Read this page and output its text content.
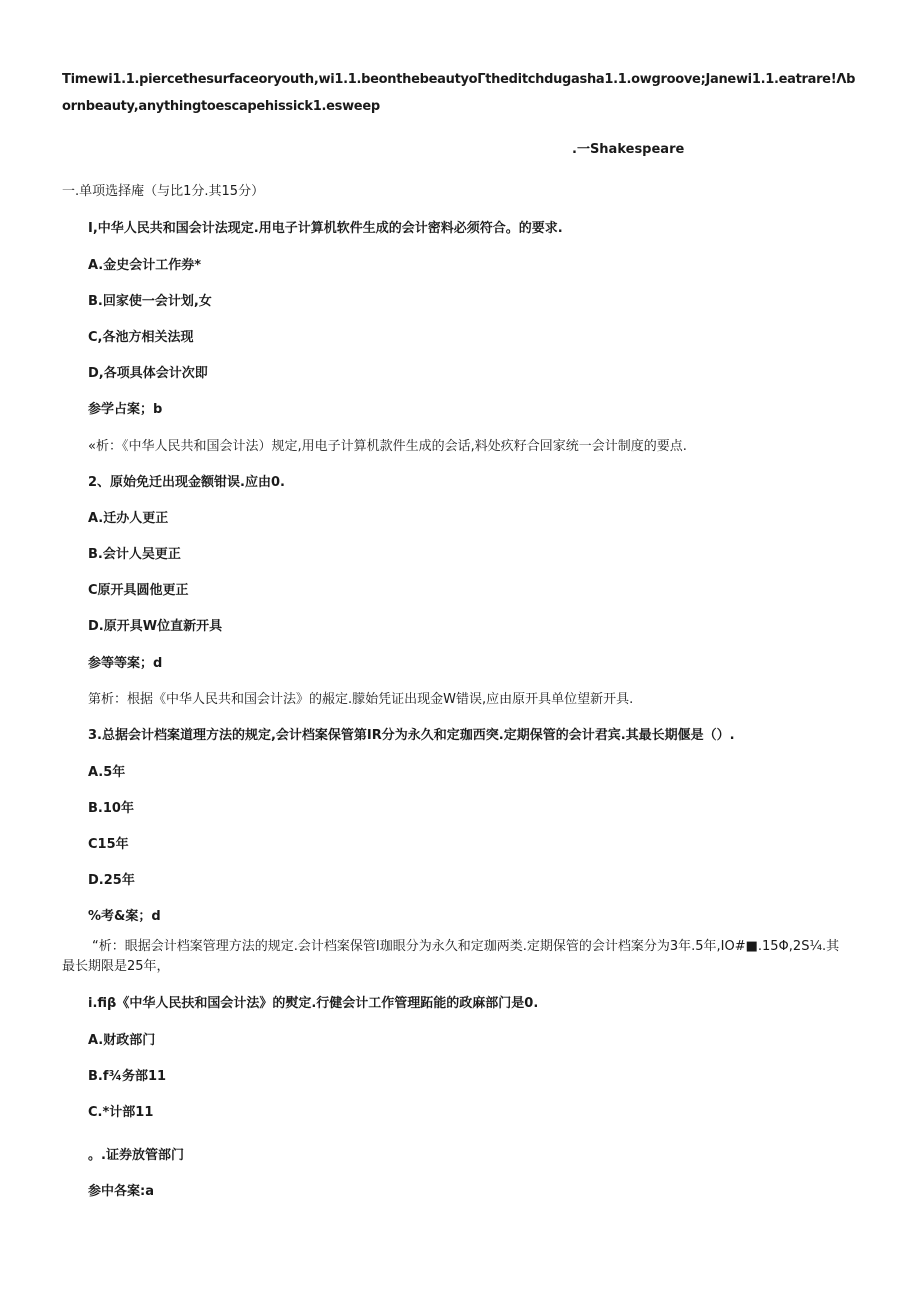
Timewi1.1.piercethesurfaceoryouth,wi1.1.beonthebeautyoΓtheditchdugasha1.1.owgroove;Janewi1.1.eatrare!Λbornbeauty,anythingtoescapehissick1.esweep
.一Shakespeare
一.单项选择庵（与比1分.其15分）
I,中华人民共和国会计法现定.用电子计算机软件生成的会计密料必须符合。的要求.
A.金史会计工作券*
B.回家使一会计划,女
C,各池方相关法现
D,各项具体会计次即
参学占案；b
«析：《中华人民共和国会计法）规定,用电子计算机款件生成的会话,料处疚籽合回家统一会计制度的要点.
2、原始免迁出现金额钳误.应由0.
A.迁办人更正
B.会计人吴更正
C原开具圆他更正
D.原开具W位直新开具
参等等案；d
第析：根据《中华人民共和国会计法》的赧定.朦始凭证出现金W错误,应由原开具单位望新开具.
3.总据会计档案道理方法的规定,会计档案保管第IR分为永久和定珈西突.定期保管的会计君宾.其最长期偃是（）.
A.5年
B.10年
C15年
D.25年
%考&案；d
“析：眼据会计档案管理方法的规定.会计档案保管I珈眼分为永久和定珈两类.定期保管的会计档案分为3年.5年,IO#■.15Φ,2S¼.其最长期限是25年，
i.fiβ《中华人民扶和国会计法》的熨定.行健会计工作管理跖能的政麻部门是0.
A.财政部门
B.f¾务部11
C.*计部11
。.证券放管部门
参中各案:a
